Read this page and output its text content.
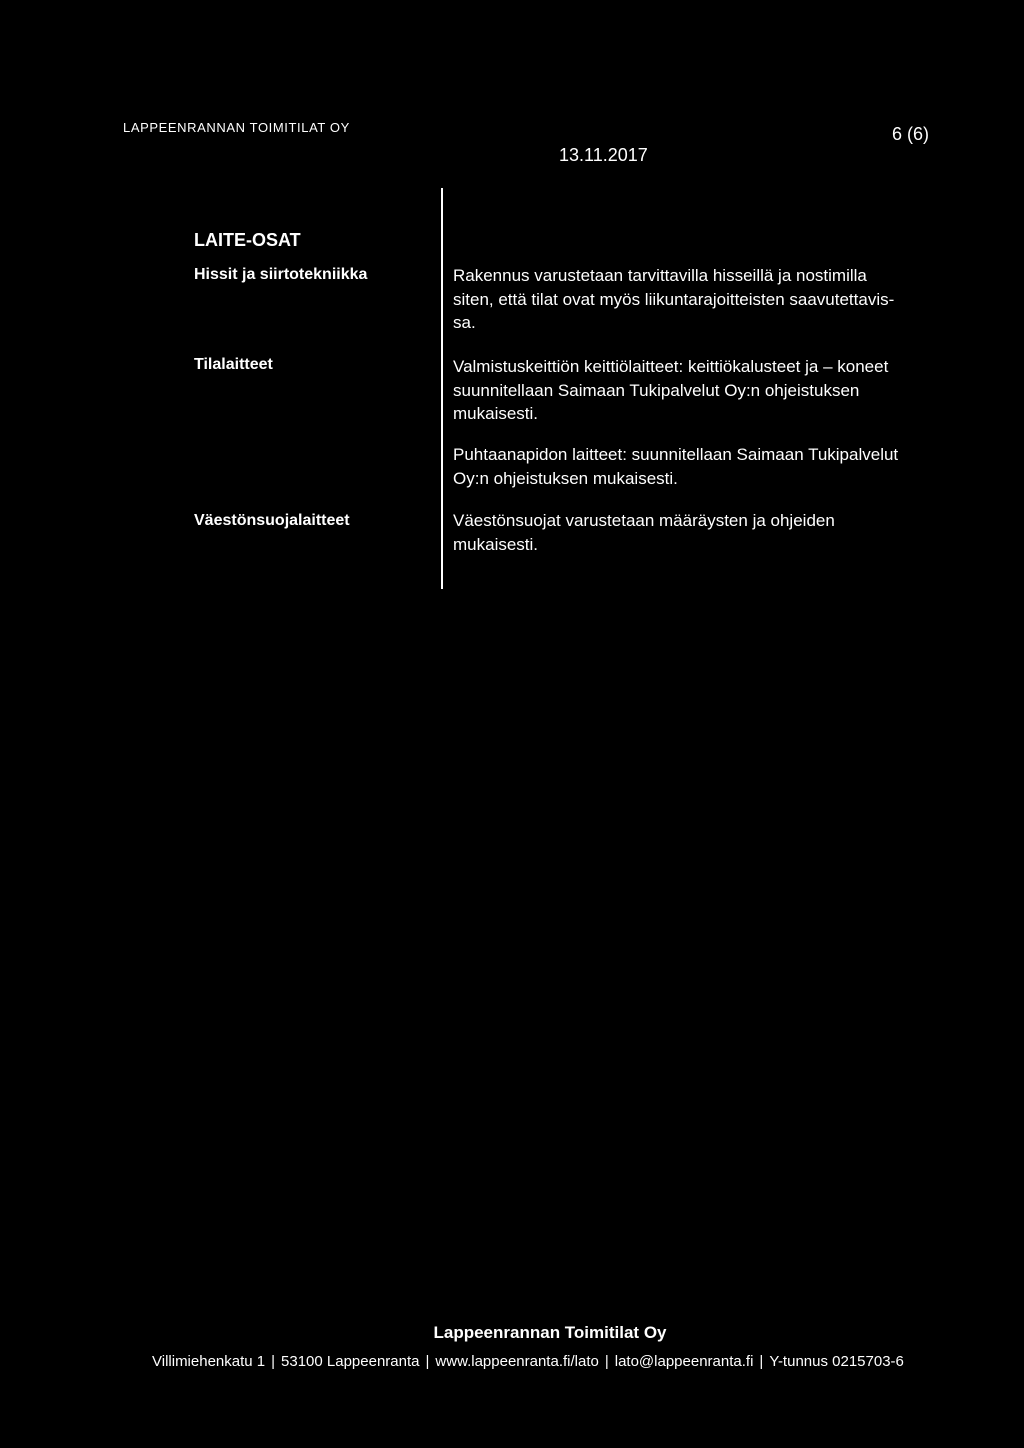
LAPPEENRANNAN TOIMITILAT OY
13.11.2017
6 (6)
LAITE-OSAT
Hissit ja siirtotekniikka	Rakennus varustetaan tarvittavilla hisseillä ja nostimilla
siten, että tilat ovat myös liikuntarajoitteisten saavutettavis-
sa.

Tilalaitteet	Valmistuskeittiön keittiölaitteet: keittiökalusteet ja – koneet
suunnitellaan Saimaan Tukipalvelut Oy:n ohjeistuksen
mukaisesti.

Puhtaanapidon laitteet: suunnitellaan Saimaan Tukipalvelut
Oy:n ohjeistuksen mukaisesti.

Väestönsuojalaitteet	Väestönsuojat varustetaan määräysten ja ohjeiden
mukaisesti.

Lappeenrannan Toimitilat Oy
Villimiehenkatu 1 | 53100 Lappeenranta | www.lappeenranta.fi/lato | lato@lappeenranta.fi | Y-tunnus 0215703-6
